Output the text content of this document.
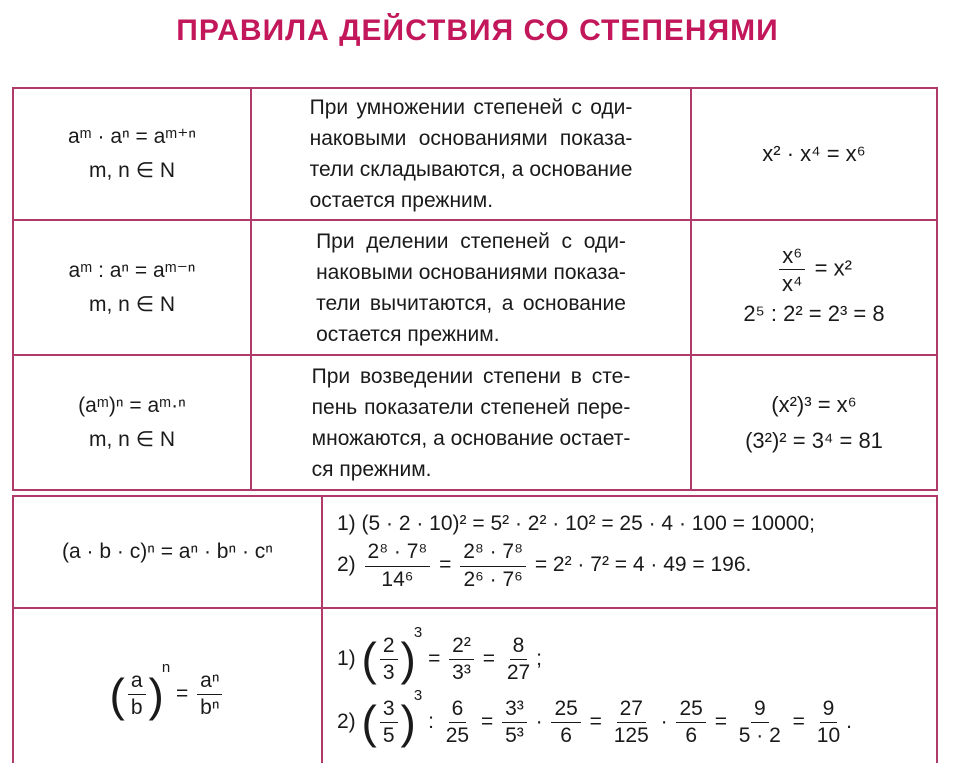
ПРАВИЛА ДЕЙСТВИЯ СО СТЕПЕНЯМИ
aᵐ · aⁿ = aᵐ⁺ⁿ
m, n ∈ N
При умножении степеней с оди-
наковыми основаниями показа-
тели складываются, а основание
остается прежним.
x² · x⁴ = x⁶
aᵐ : aⁿ = aᵐ⁻ⁿ
m, n ∈ N
При делении степеней с оди-
наковыми основаниями показа-
тели вычитаются, а основание
остается прежним.
$\frac{\text{x⁶}}{\text{x⁴}} = x^2$
2⁵ : 2² = 2³ = 8
(aᵐ)ⁿ = aᵐ·ⁿ
m, n ∈ N
При возведении степени в сте-
пень показатели степеней пере-
множаются, а основание остает-
ся прежним.
(x²)³ = x⁶
(3²)² = 3⁴ = 81
(a · b · c)ⁿ = aⁿ · bⁿ · cⁿ
1) (5 · 2 · 10)² = 5² · 2² · 10² = 25 · 4 · 100 = 10000;
$2) \frac{\text{2⁸ · 7⁸}}{\text{14⁶}} = \frac{\text{2⁸ · 7⁸}}{\text{2⁶ · 7⁶}} = 2^2 \cdot 7^2 = 4 \cdot 49 = 196$.
( $\frac{a}{b} )^n = \frac{\text{aⁿ}}{\text{bⁿ}}$
1) ( $\frac{2}{3} )^3 = \frac{\text{2²}}{\text{3³}} = \frac{8}{27}$ ;
2) ( $\frac{3}{5} )^3$ : $\frac{6}{25} = \frac{\text{3³}}{\text{5³}} \cdot \frac{25}{6} = \frac{27}{125} \cdot \frac{25}{6} = \frac{9}{5 \cdot 2} = \frac{9}{10}$ .
